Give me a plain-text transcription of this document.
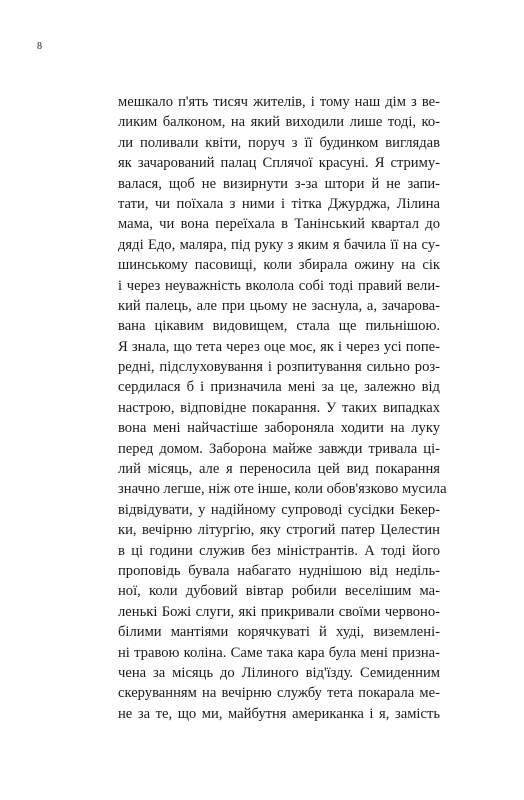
8
мешкало п'ять тисяч жителів, і тому наш дім з ве-
ликим балконом, на який виходили лише тоді, ко-
ли поливали квіти, поруч з її будинком виглядав
як зачарований палац Сплячої красуні. Я стриму-
валася, щоб не визирнути з-за штори й не запи-
тати, чи поїхала з ними і тітка Джурджа, Лілина
мама, чи вона переїхала в Танінський квартал до
дяді Едо, маляра, під руку з яким я бачила її на су-
шинському пасовищі, коли збирала ожину на сік
і через неуважність вколола собі тоді правий вели-
кий палець, але при цьому не заснула, а, зачарова-
вана цікавим видовищем, стала ще пильнішою.
Я знала, що тета через оце моє, як і через усі попе-
редні, підслуховування і розпитування сильно роз-
сердилася б і призначила мені за це, залежно від
настрою, відповідне покарання. У таких випадках
вона мені найчастіше забороняла ходити на луку
перед домом. Заборона майже завжди тривала ці-
лий місяць, але я переносила цей вид покарання
значно легше, ніж оте інше, коли обов'язково мусила
відвідувати, у надійному супроводі сусідки Бекер-
ки, вечірню літургію, яку строгий патер Целестин
в ці години служив без міністрантів. А тоді його
проповідь бувала набагато нуднішою від неділь-
ної, коли дубовий вівтар робили веселішим ма-
ленькі Божі слуги, які прикривали своїми червоно-
білими мантіями корячкуваті й худі, виземлені-
ні травою коліна. Саме така кара була мені призна-
чена за місяць до Лілиного від'їзду. Семиденним
скеруванням на вечірню службу тета покарала ме-
не за те, що ми, майбутня американка і я, замість
